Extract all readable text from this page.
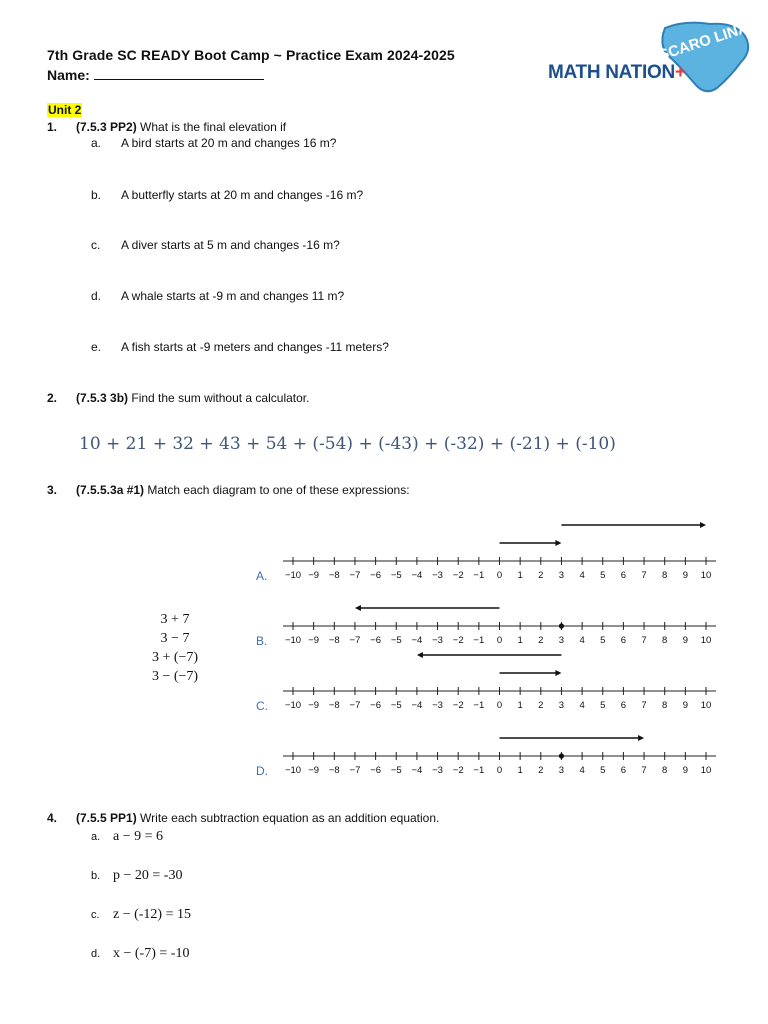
7th Grade SC READY Boot Camp ~ Practice Exam 2024-2025
Name:
SCARO LINA
MATH NATION+
Unit 2
1. (7.5.3 PP2) What is the final elevation if
a. A bird starts at 20 m and changes 16 m?
b. A butterfly starts at 20 m and changes -16 m?
c. A diver starts at 5 m and changes -16 m?
d. A whale starts at -9 m and changes 11 m?
e. A fish starts at -9 meters and changes -11 meters?
2. (7.5.3 3b) Find the sum without a calculator.
10 + 21 + 32 + 43 + 54 + (-54) + (-43) + (-32) + (-21) + (-10)
3. (7.5.5.3a #1) Match each diagram to one of these expressions:
3 + 7
3 − 7
3 + (−7)
3 − (−7)
A.
B.
C.
D.
−10 −9 −8 −7 −6 −5 −4 −3 −2 −1 0 1 2 3 4 5 6 7 8 9 10
−10 −9 −8 −7 −6 −5 −4 −3 −2 −1 0 1 2 3 4 5 6 7 8 9 10
−10 −9 −8 −7 −6 −5 −4 −3 −2 −1 0 1 2 3 4 5 6 7 8 9 10
−10 −9 −8 −7 −6 −5 −4 −3 −2 −1 0 1 2 3 4 5 6 7 8 9 10
4. (7.5.5 PP1) Write each subtraction equation as an addition equation.
a. a − 9 = 6
b. p − 20 = -30
c. z − (-12) = 15
d. x − (-7) = -10
